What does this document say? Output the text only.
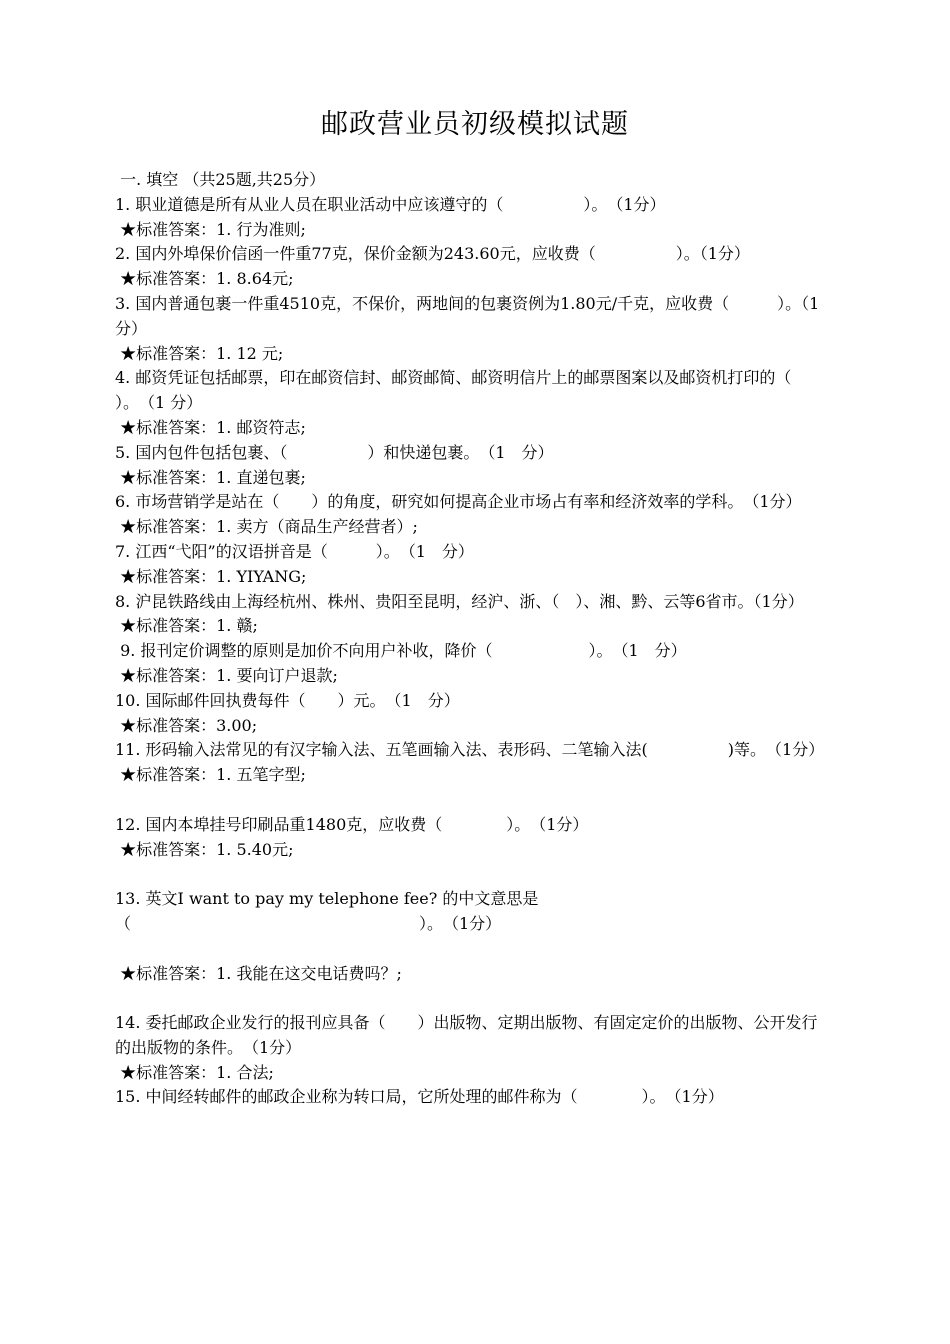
邮政营业员初级模拟试题
一. 填空 （共25题,共25分）
1. 职业道德是所有从业人员在职业活动中应该遵守的（　　　　　）。　（1分）
★标准答案：1. 行为准则;
2. 国内外埠保价信函一件重77克，保价金额为243.60元，应收费（　　　　　）。（1分）
★标准答案：1. 8.64元;
3. 国内普通包裹一件重4510克，不保价，两地间的包裹资例为1.80元/千克，应收费（　　　）。（1分）
★标准答案：1. 12 元;
4. 邮资凭证包括邮票，印在邮资信封、邮资邮简、邮资明信片上的邮票图案以及邮资机打印的（　　　　）。　（1 分）
★标准答案：1. 邮资符志;
5. 国内包件包括包裹、（　　　　　）和快递包裹。　（1　分）
★标准答案：1. 直递包裹;
6. 市场营销学是站在（　　）的角度，研究如何提高企业市场占有率和经济效率的学科。　（1分）
★标准答案：1. 卖方（商品生产经营者）;
7. 江西“弋阳”的汉语拼音是（　　　）。　（1　分）
★标准答案：1. YIYANG;
8. 沪昆铁路线由上海经杭州、株州、贵阳至昆明，经沪、浙、（　）、湘、黔、云等6省市。（1分）
★标准答案：1. 赣;
9. 报刊定价调整的原则是加价不向用户补收，降价（　　　　　　）。　（1　分）
★标准答案：1. 要向订户退款;
10. 国际邮件回执费每件（　　）元。　（1　分）
★标准答案：3.00;
11. 形码输入法常见的有汉字输入法、五笔画输入法、表形码、二笔输入法(　　　　　)等。　（1分）
★标准答案：1. 五笔字型;
12. 国内本埠挂号印刷品重1480克，应收费（　　　　）。　（1分）
★标准答案：1. 5.40元;
13. 英文I want to pay my telephone fee? 的中文意思是
（　　　　　　　　　　　　　　　　　　）。　（1分）
★标准答案：1. 我能在这交电话费吗？;
14. 委托邮政企业发行的报刊应具备（　　）出版物、定期出版物、有固定定价的出版物、公开发行的出版物的条件。　（1分）
★标准答案：1. 合法;
15. 中间经转邮件的邮政企业称为转口局，它所处理的邮件称为（　　　　）。　（1分）
